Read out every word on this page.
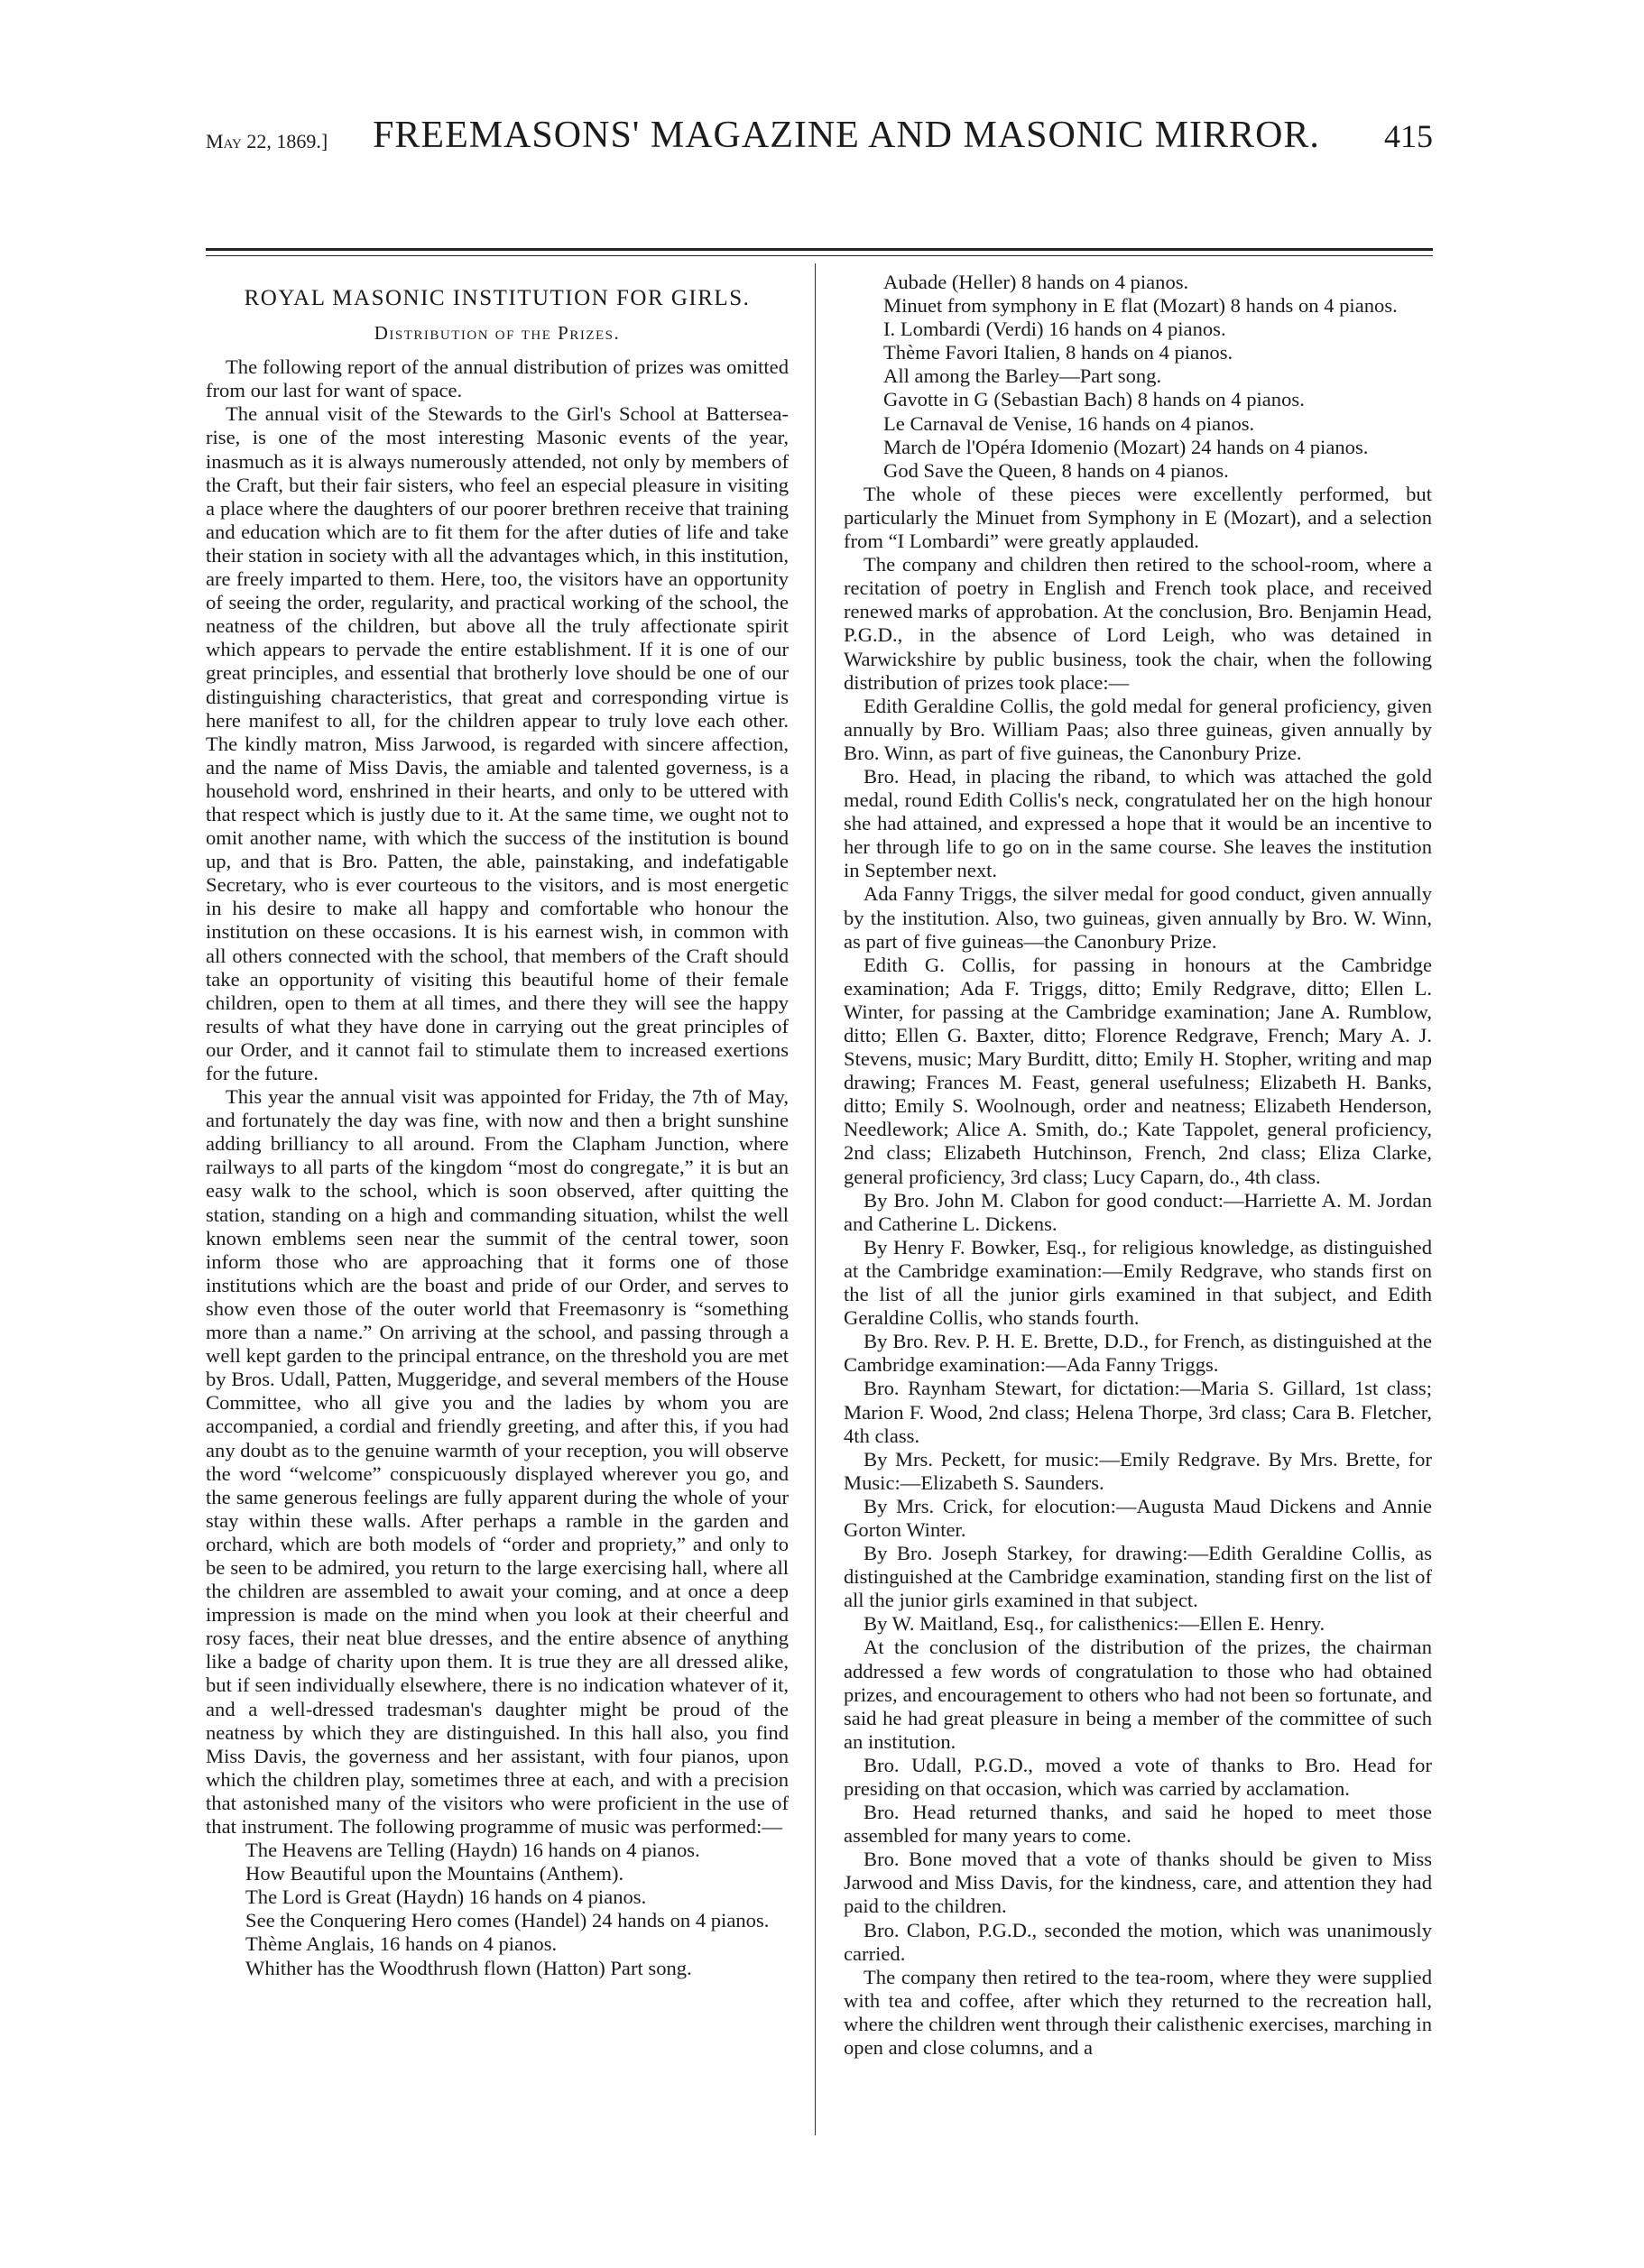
May 22, 1869.]	FREEMASONS' MAGAZINE AND MASONIC MIRROR.	415
ROYAL MASONIC INSTITUTION FOR GIRLS.
Distribution of the Prizes.

The following report of the annual distribution of prizes was omitted from our last for want of space.

The annual visit of the Stewards to the Girl's School at Battersea-rise, is one of the most interesting Masonic events of the year, inasmuch as it is always numerously attended, not only by members of the Craft, but their fair sisters, who feel an especial pleasure in visiting a place where the daughters of our poorer brethren receive that training and education which are to fit them for the after duties of life and take their station in society with all the advantages which, in this institution, are freely imparted to them. Here, too, the visitors have an opportunity of seeing the order, regularity, and practical working of the school, the neatness of the children, but above all the truly affectionate spirit which appears to pervade the entire establishment. If it is one of our great principles, and essential that brotherly love should be one of our distinguishing characteristics, that great and corresponding virtue is here manifest to all, for the children appear to truly love each other. The kindly matron, Miss Jarwood, is regarded with sincere affection, and the name of Miss Davis, the amiable and talented governess, is a household word, enshrined in their hearts, and only to be uttered with that respect which is justly due to it. At the same time, we ought not to omit another name, with which the success of the institution is bound up, and that is Bro. Patten, the able, painstaking, and indefatigable Secretary, who is ever courteous to the visitors, and is most energetic in his desire to make all happy and comfortable who honour the institution on these occasions. It is his earnest wish, in common with all others connected with the school, that members of the Craft should take an opportunity of visiting this beautiful home of their female children, open to them at all times, and there they will see the happy results of what they have done in carrying out the great principles of our Order, and it cannot fail to stimulate them to increased exertions for the future.

This year the annual visit was appointed for Friday, the 7th of May, and fortunately the day was fine, with now and then a bright sunshine adding brilliancy to all around. From the Clapham Junction, where railways to all parts of the kingdom “most do congregate,” it is but an easy walk to the school, which is soon observed, after quitting the station, standing on a high and commanding situation, whilst the well known emblems seen near the summit of the central tower, soon inform those who are approaching that it forms one of those institutions which are the boast and pride of our Order, and serves to show even those of the outer world that Freemasonry is “something more than a name.” On arriving at the school, and passing through a well kept garden to the principal entrance, on the threshold you are met by Bros. Udall, Patten, Muggeridge, and several members of the House Committee, who all give you and the ladies by whom you are accompanied, a cordial and friendly greeting, and after this, if you had any doubt as to the genuine warmth of your reception, you will observe the word “welcome” conspicuously displayed wherever you go, and the same generous feelings are fully apparent during the whole of your stay within these walls. After perhaps a ramble in the garden and orchard, which are both models of “order and propriety,” and only to be seen to be admired, you return to the large exercising hall, where all the children are assembled to await your coming, and at once a deep impression is made on the mind when you look at their cheerful and rosy faces, their neat blue dresses, and the entire absence of anything like a badge of charity upon them. It is true they are all dressed alike, but if seen individually elsewhere, there is no indication whatever of it, and a well-dressed tradesman's daughter might be proud of the neatness by which they are distinguished. In this hall also, you find Miss Davis, the governess and her assistant, with four pianos, upon which the children play, sometimes three at each, and with a precision that astonished many of the visitors who were proficient in the use of that instrument. The following programme of music was performed:—

The Heavens are Telling (Haydn) 16 hands on 4 pianos.

How Beautiful upon the Mountains (Anthem).

The Lord is Great (Haydn) 16 hands on 4 pianos.

See the Conquering Hero comes (Handel) 24 hands on 4 pianos.

Thème Anglais, 16 hands on 4 pianos.

Whither has the Woodthrush flown (Hatton) Part song.

Aubade (Heller) 8 hands on 4 pianos.

Minuet from symphony in E flat (Mozart) 8 hands on 4 pianos.

I. Lombardi (Verdi) 16 hands on 4 pianos.

Thème Favori Italien, 8 hands on 4 pianos.

All among the Barley—Part song.

Gavotte in G (Sebastian Bach) 8 hands on 4 pianos.

Le Carnaval de Venise, 16 hands on 4 pianos.

March de l'Opéra Idomenio (Mozart) 24 hands on 4 pianos.

God Save the Queen, 8 hands on 4 pianos.

The whole of these pieces were excellently performed, but particularly the Minuet from Symphony in E (Mozart), and a selection from “I Lombardi” were greatly applauded.

The company and children then retired to the school-room, where a recitation of poetry in English and French took place, and received renewed marks of approbation. At the conclusion, Bro. Benjamin Head, P.G.D., in the absence of Lord Leigh, who was detained in Warwickshire by public business, took the chair, when the following distribution of prizes took place:—

Edith Geraldine Collis, the gold medal for general proficiency, given annually by Bro. William Paas; also three guineas, given annually by Bro. Winn, as part of five guineas, the Canonbury Prize.

Bro. Head, in placing the riband, to which was attached the gold medal, round Edith Collis's neck, congratulated her on the high honour she had attained, and expressed a hope that it would be an incentive to her through life to go on in the same course. She leaves the institution in September next.

Ada Fanny Triggs, the silver medal for good conduct, given annually by the institution. Also, two guineas, given annually by Bro. W. Winn, as part of five guineas—the Canonbury Prize.

Edith G. Collis, for passing in honours at the Cambridge examination; Ada F. Triggs, ditto; Emily Redgrave, ditto; Ellen L. Winter, for passing at the Cambridge examination; Jane A. Rumblow, ditto; Ellen G. Baxter, ditto; Florence Redgrave, French; Mary A. J. Stevens, music; Mary Burditt, ditto; Emily H. Stopher, writing and map drawing; Frances M. Feast, general usefulness; Elizabeth H. Banks, ditto; Emily S. Woolnough, order and neatness; Elizabeth Henderson, Needlework; Alice A. Smith, do.; Kate Tappolet, general proficiency, 2nd class; Elizabeth Hutchinson, French, 2nd class; Eliza Clarke, general proficiency, 3rd class; Lucy Caparn, do., 4th class.

By Bro. John M. Clabon for good conduct:—Harriette A. M. Jordan and Catherine L. Dickens.

By Henry F. Bowker, Esq., for religious knowledge, as distinguished at the Cambridge examination:—Emily Redgrave, who stands first on the list of all the junior girls examined in that subject, and Edith Geraldine Collis, who stands fourth.

By Bro. Rev. P. H. E. Brette, D.D., for French, as distinguished at the Cambridge examination:—Ada Fanny Triggs.

Bro. Raynham Stewart, for dictation:—Maria S. Gillard, 1st class; Marion F. Wood, 2nd class; Helena Thorpe, 3rd class; Cara B. Fletcher, 4th class.

By Mrs. Peckett, for music:—Emily Redgrave. By Mrs. Brette, for Music:—Elizabeth S. Saunders.

By Mrs. Crick, for elocution:—Augusta Maud Dickens and Annie Gorton Winter.

By Bro. Joseph Starkey, for drawing:—Edith Geraldine Collis, as distinguished at the Cambridge examination, standing first on the list of all the junior girls examined in that subject.

By W. Maitland, Esq., for calisthenics:—Ellen E. Henry.

At the conclusion of the distribution of the prizes, the chairman addressed a few words of congratulation to those who had obtained prizes, and encouragement to others who had not been so fortunate, and said he had great pleasure in being a member of the committee of such an institution.

Bro. Udall, P.G.D., moved a vote of thanks to Bro. Head for presiding on that occasion, which was carried by acclamation.

Bro. Head returned thanks, and said he hoped to meet those assembled for many years to come.

Bro. Bone moved that a vote of thanks should be given to Miss Jarwood and Miss Davis, for the kindness, care, and attention they had paid to the children.

Bro. Clabon, P.G.D., seconded the motion, which was unanimously carried.

The company then retired to the tea-room, where they were supplied with tea and coffee, after which they returned to the recreation hall, where the children went through their calisthenic exercises, marching in open and close columns, and a
